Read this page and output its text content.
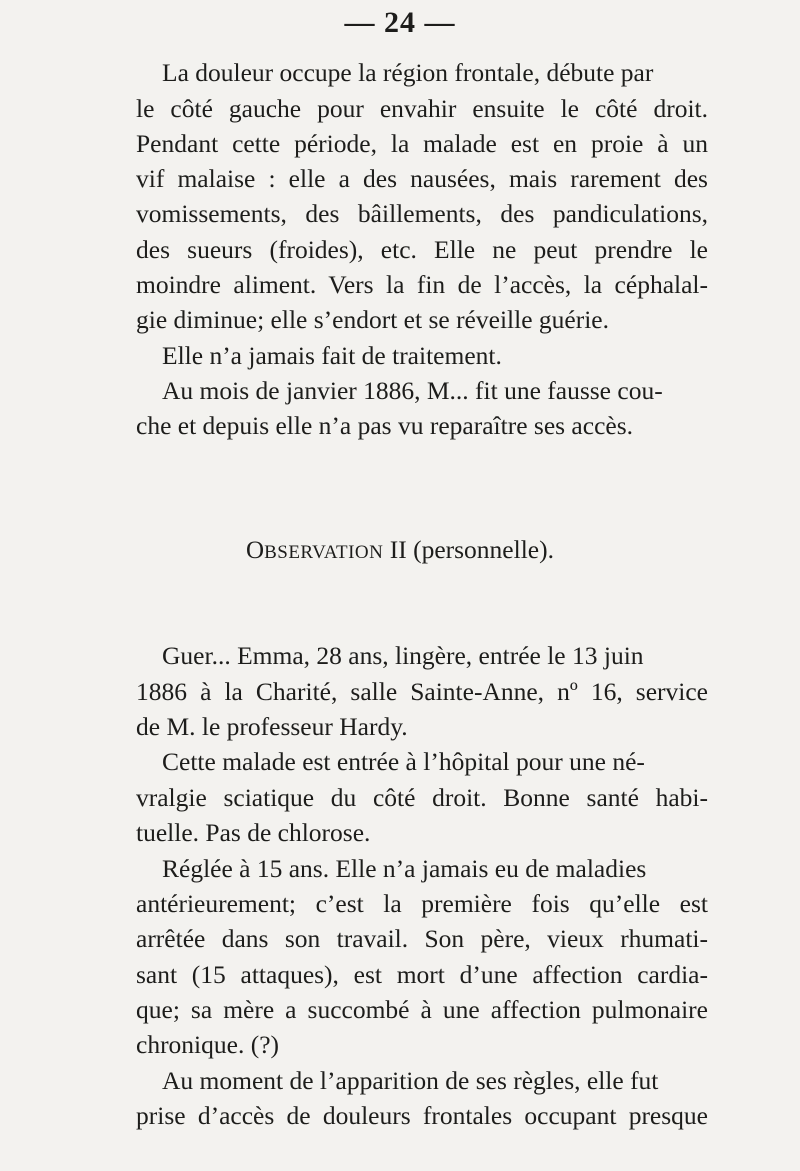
— 24 —
La douleur occupe la région frontale, débute par
le côté gauche pour envahir ensuite le côté droit.
Pendant cette période, la malade est en proie à un
vif malaise : elle a des nausées, mais rarement des
vomissements, des bâillements, des pandiculations,
des sueurs (froides), etc. Elle ne peut prendre le
moindre aliment. Vers la fin de l’accès, la céphalal-
gie diminue; elle s’endort et se réveille guérie.
Elle n’a jamais fait de traitement.
Au mois de janvier 1886, M... fit une fausse cou-
che et depuis elle n’a pas vu reparaître ses accès.
OBSERVATION II (personnelle).
Guer... Emma, 28 ans, lingère, entrée le 13 juin
1886 à la Charité, salle Sainte-Anne, nº 16, service
de M. le professeur Hardy.
Cette malade est entrée à l’hôpital pour une né-
vralgie sciatique du côté droit. Bonne santé habi-
tuelle. Pas de chlorose.
Réglée à 15 ans. Elle n’a jamais eu de maladies
antérieurement; c’est la première fois qu’elle est
arrêtée dans son travail. Son père, vieux rhumati-
sant (15 attaques), est mort d’une affection cardia-
que; sa mère a succombé à une affection pulmonaire
chronique. (?)
Au moment de l’apparition de ses règles, elle fut
prise d’accès de douleurs frontales occupant presque
